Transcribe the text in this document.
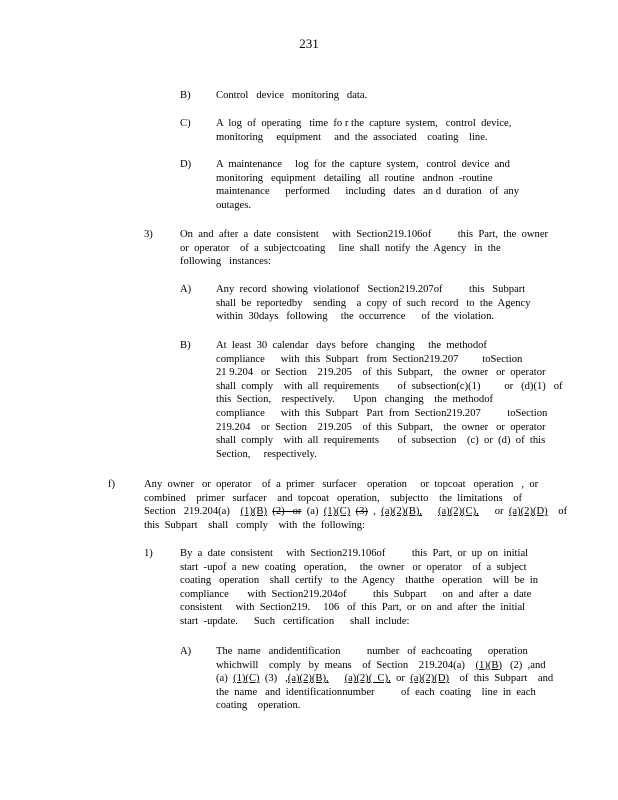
231
B) Control   device   monitoring   data.
C) A  log  of  operating   time  fo r the  capture  system,   control  device,
monitoring     equipment     and  the  associated    coating    line.
D) A  maintenance     log  for  the  capture  system,   control  device  and
monitoring   equipment   detailing   all  routine   andnon  -routine
maintenance      performed      including   dates   an d  duration   of  any
outages.
3)	On  and  after  a  date  consistent     with  Section219.106of          this  Part,  the  owner
or  operator    of  a  subjectcoating     line  shall  notify  the  Agency   in  the
following   instances:
A) Any  record  showing  violationof   Section219.207of          this   Subpart
shall  be  reportedby    sending    a  copy  of  such  record   to  the  Agency
within  30days   following     the  occurrence      of  the  violation.
B) At  least  30  calendar   days  before   changing     the  methodof
compliance      with  this  Subpart   from  Section219.207         toSection
21 9.204   or  Section    219.205    of  this  Subpart,    the  owner   or  operator
shall  comply    with  all  requirements       of  subsection(c)(1)         or   (d)(1)   of
this  Section,    respectively.       Upon   changing    the  methodof
compliance      with  this  Subpart   Part  from  Section219.207          toSection
219.204    or  Section    219.205    of  this  Subpart,    the  owner   or  operator
shall  comply    with  all  requirements       of  subsection    (c)  or  (d)  of  this
Section,     respectively.
f)	Any  owner   or  operator    of  a  primer   surfacer    operation     or  topcoat   operation   ,  or
combined    primer   surfacer    and  topcoat   operation,    subjectto    the  limitations    of
Section   219.204(a)    (1)(B) (2)   or  (a)  (1)(C) (3)  ,  (a)(2)(B), (a)(2)(C),      or  (a)(2)(D)    of
this  Subpart    shall   comply    with  the  following:
1)	By  a  date  consistent     with  Section219.106of          this  Part,  or  up  on  initial
start  -upof  a  new  coating   operation,     the  owner   or  operator    of  a  subject
coating   operation    shall  certify   to  the  Agency    thatthe   operation    will  be  in
compliance       with  Section219.204of          this  Subpart      on  and  after  a  date
consistent     with  Section219.     106   of  this  Part,  or  on  and  after  the  initial
start  -update.      Such   certification      shall  include:
A) The  name   andidentification          number   of  eachcoating      operation
whichwill    comply   by  means    of  Section    219.204(a)    (1)(B)   (2)  ,and
(a)  (1)(C)  (3)   ,(a)(2)(B), (a)(2)(  C),  or  (a)(2)(D)    of  this  Subpart    and
the  name   and  identificationnumber          of  each  coating    line  in  each
coating    operation.
